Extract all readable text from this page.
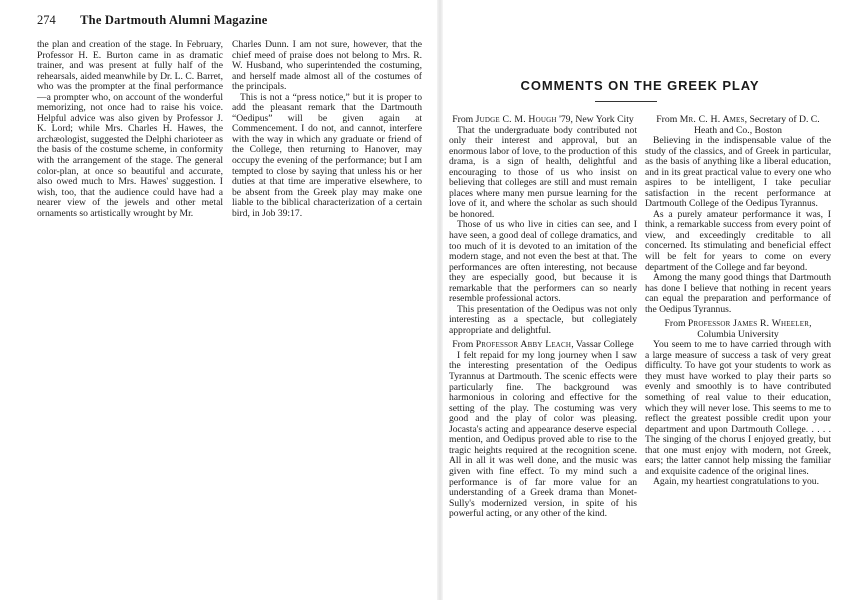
274 The Dartmouth Alumni Magazine

the plan and creation of the stage. In February, Professor H. E. Burton came in as dramatic trainer, and was present at fully half of the rehearsals, aided meanwhile by Dr. L. C. Barret, who was the prompter at the final performance—a prompter who, on account of the wonderful memorizing, not once had to raise his voice. Helpful advice was also given by Professor J. K. Lord; while Mrs. Charles H. Hawes, the archæologist, suggested the Delphi charioteer as the basis of the costume scheme, in conformity with the arrangement of the stage. The general color-plan, at once so beautiful and accurate, also owed much to Mrs. Hawes' suggestion. I wish, too, that the audience could have had a nearer view of the jewels and other metal ornaments so artistically wrought by Mr.

Charles Dunn. I am not sure, however, that the chief meed of praise does not belong to Mrs. R. W. Husband, who superintended the costuming, and herself made almost all of the costumes of the principals.

This is not a “press notice,” but it is proper to add the pleasant remark that the Dartmouth “Oedipus” will be given again at Commencement. I do not, and cannot, interfere with the way in which any graduate or friend of the College, then returning to Hanover, may occupy the evening of the performance; but I am tempted to close by saying that unless his or her duties at that time are imperative elsewhere, to be absent from the Greek play may make one liable to the biblical characterization of a certain bird, in Job 39:17.

COMMENTS ON THE GREEK PLAY

From Judge C. M. Hough '79, New York City

That the undergraduate body contributed not only their interest and approval, but an enormous labor of love, to the production of this drama, is a sign of health, delightful and encouraging to those of us who insist on believing that colleges are still and must remain places where many men pursue learning for the love of it, and where the scholar as such should be honored.

Those of us who live in cities can see, and I have seen, a good deal of college dramatics, and too much of it is devoted to an imitation of the modern stage, and not even the best at that. The performances are often interesting, not because they are especially good, but because it is remarkable that the performers can so nearly resemble professional actors.

This presentation of the Oedipus was not only interesting as a spectacle, but collegiately appropriate and delightful.

From Professor Abby Leach, Vassar College

I felt repaid for my long journey when I saw the interesting presentation of the Oedipus Tyrannus at Dartmouth. The scenic effects were particularly fine. The background was harmonious in coloring and effective for the setting of the play. The costuming was very good and the play of color was pleasing. Jocasta's acting and appearance deserve especial mention, and Oedipus proved able to rise to the tragic heights required at the recognition scene. All in all it was well done, and the music was given with fine effect. To my mind such a performance is of far more value for an understanding of a Greek drama than Monet-Sully's modernized version, in spite of his powerful acting, or any other of the kind.

From Mr. C. H. Ames, Secretary of D. C. Heath and Co., Boston

Believing in the indispensable value of the study of the classics, and of Greek in particular, as the basis of anything like a liberal education, and in its great practical value to every one who aspires to be intelligent, I take peculiar satisfaction in the recent performance at Dartmouth College of the Oedipus Tyrannus.

As a purely amateur performance it was, I think, a remarkable success from every point of view, and exceedingly creditable to all concerned. Its stimulating and beneficial effect will be felt for years to come on every department of the College and far beyond.

Among the many good things that Dartmouth has done I believe that nothing in recent years can equal the preparation and performance of the Oedipus Tyrannus.

From Professor James R. Wheeler, Columbia University

You seem to me to have carried through with a large measure of success a task of very great difficulty. To have got your students to work as they must have worked to play their parts so evenly and smoothly is to have contributed something of real value to their education, which they will never lose. This seems to me to reflect the greatest possible credit upon your department and upon Dartmouth College. . . . . The singing of the chorus I enjoyed greatly, but that one must enjoy with modern, not Greek, ears; the latter cannot help missing the familiar and exquisite cadence of the original lines.

Again, my heartiest congratulations to you.
